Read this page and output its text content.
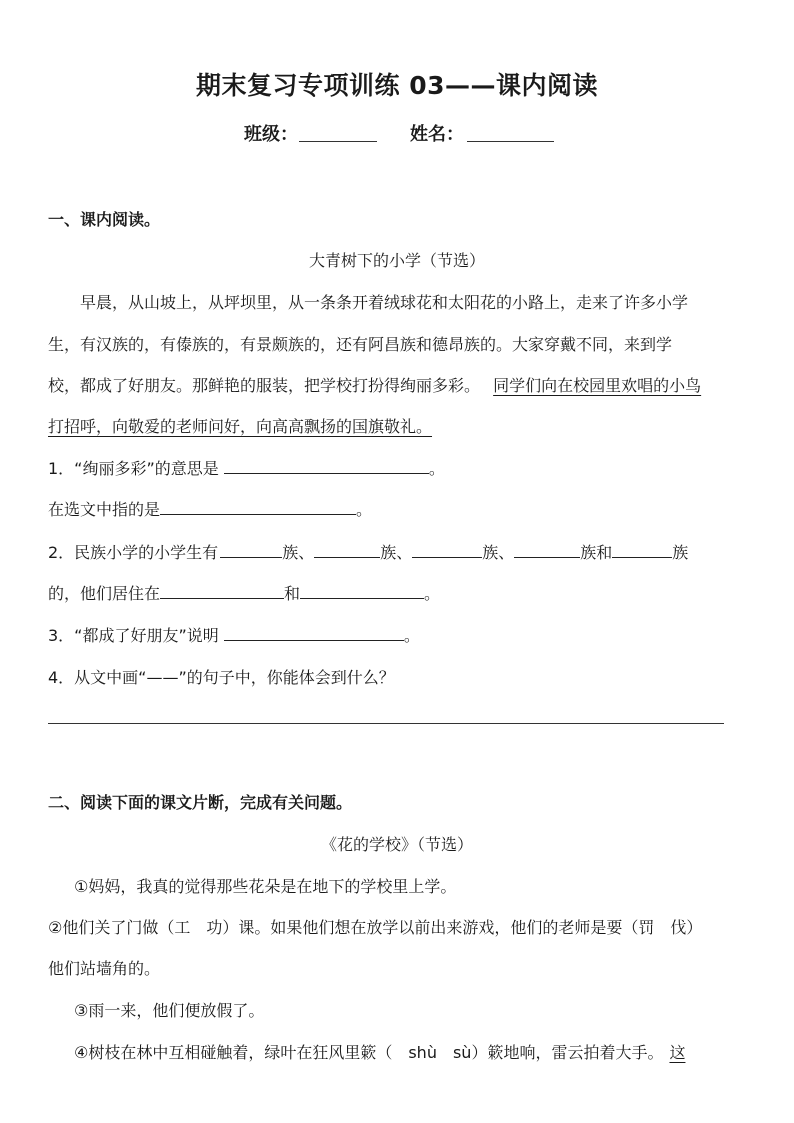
期末复习专项训练 03——课内阅读
班级：	姓名：
一、课内阅读。
大青树下的小学（节选）
早晨，从山坡上，从坪坝里，从一条条开着绒球花和太阳花的小路上，走来了许多小学
生，有汉族的，有傣族的，有景颇族的，还有阿昌族和德昂族的。大家穿戴不同，来到学
校，都成了好朋友。那鲜艳的服装，把学校打扮得绚丽多彩。 同学们向在校园里欢唱的小鸟
打招呼，向敬爱的老师问好，向高高飘扬的国旗敬礼。
1．“绚丽多彩”的意思是	。
在选文中指的是	。
2．民族小学的小学生有	族、	族、	族、	族和	族
的，他们居住在	和	。
3．“都成了好朋友”说明	。
4．从文中画“——”的句子中，你能体会到什么？
二、阅读下面的课文片断，完成有关问题。
《花的学校》（节选）
①妈妈，我真的觉得那些花朵是在地下的学校里上学。
②他们关了门做（工　功）课。如果他们想在放学以前出来游戏，他们的老师是要（罚　伐）
他们站墙角的。
③雨一来，他们便放假了。
④树枝在林中互相碰触着，绿叶在狂风里簌（　shù　sù）簌地响，雷云拍着大手。 这
